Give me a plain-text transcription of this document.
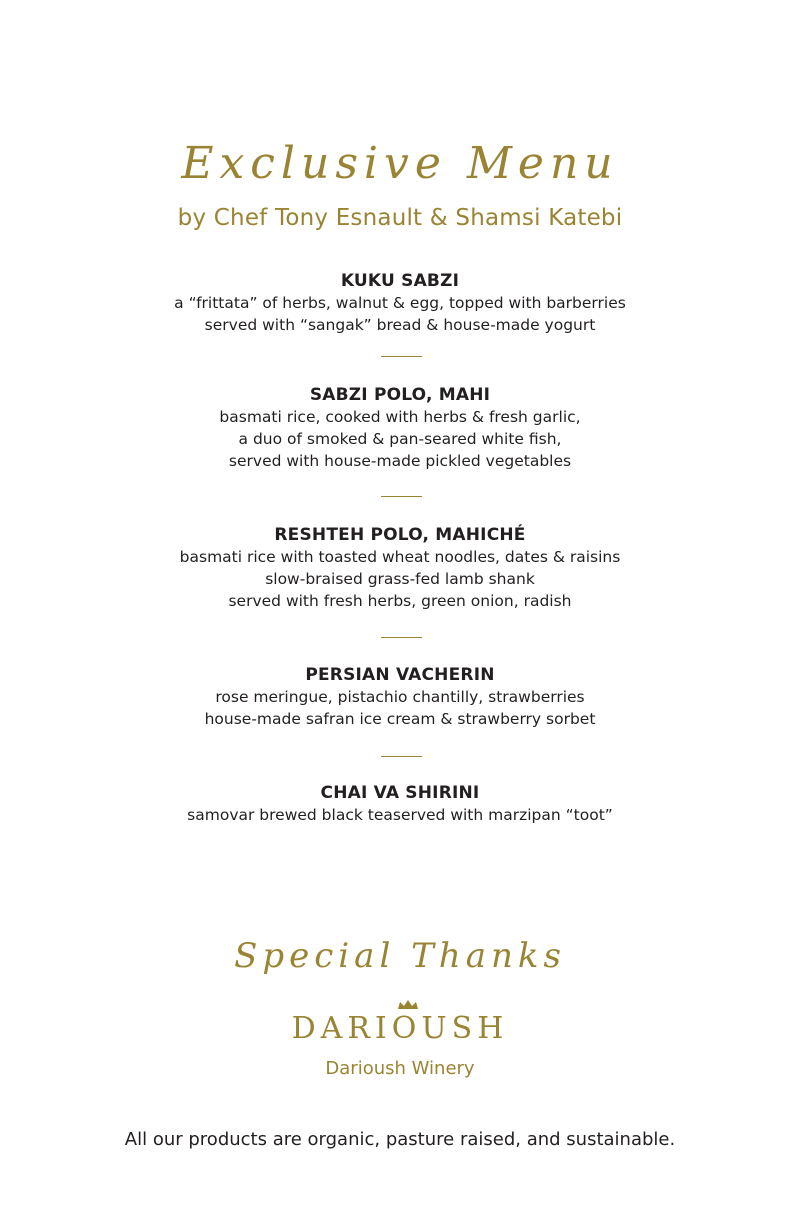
Exclusive Menu
by Chef Tony Esnault & Shamsi Katebi
KUKU SABZI
a “frittata” of herbs, walnut & egg, topped with barberries
served with “sangak” bread & house-made yogurt
SABZI POLO, MAHI
basmati rice, cooked with herbs & fresh garlic,
a duo of smoked & pan-seared white fish,
served with house-made pickled vegetables
RESHTEH POLO, MAHICHÉ
basmati rice with toasted wheat noodles, dates & raisins
slow-braised grass-fed lamb shank
served with fresh herbs, green onion, radish
PERSIAN VACHERIN
rose meringue, pistachio chantilly, strawberries
house-made safran ice cream & strawberry sorbet
CHAI VA SHIRINI
samovar brewed black teaserved with marzipan “toot”
Special Thanks
DARIOUSH
Darioush Winery
All our products are organic, pasture raised, and sustainable.
